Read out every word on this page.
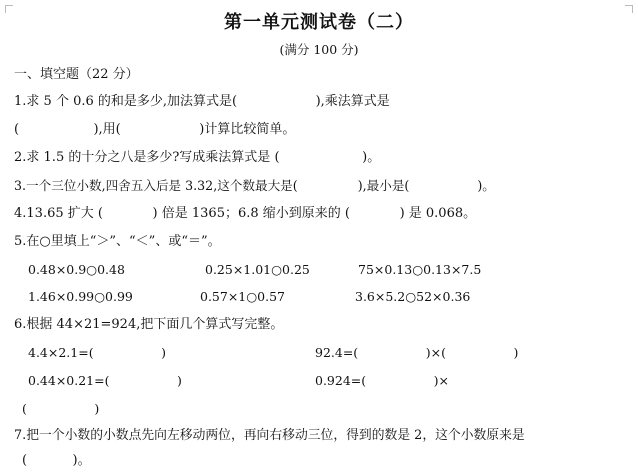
第一单元测试卷（二）
(满分 100 分)
一、填空题（22 分）
1.求 5 个 0.6 的和是多少,加法算式是(                   ),乘法算式是
(                  ),用(                   )计算比较简单。
2.求 1.5 的十分之八是多少?写成乘法算式是 (                    )。
3.一个三位小数,四舍五入后是 3.32,这个数最大是(               ),最小是(                 )。
4.13.65 扩大 (            ) 倍是 1365；6.8 缩小到原来的 (            ) 是 0.068。
5.在○里填上“＞”、“＜”、或“＝”。
0.48×0.9○0.48	0.25×1.01○0.25	75×0.13○0.13×7.5
1.46×0.99○0.99	0.57×1○0.57	3.6×5.2○52×0.36
6.根据 44×21=924,把下面几个算式写完整。
4.4×2.1=(                 )	92.4=(                 )×(                 )
0.44×0.21=(                 )	0.924=(                 )×
(                 )
7.把一个小数的小数点先向左移动两位，再向右移动三位，得到的数是 2，这个小数原来是
(           )。
